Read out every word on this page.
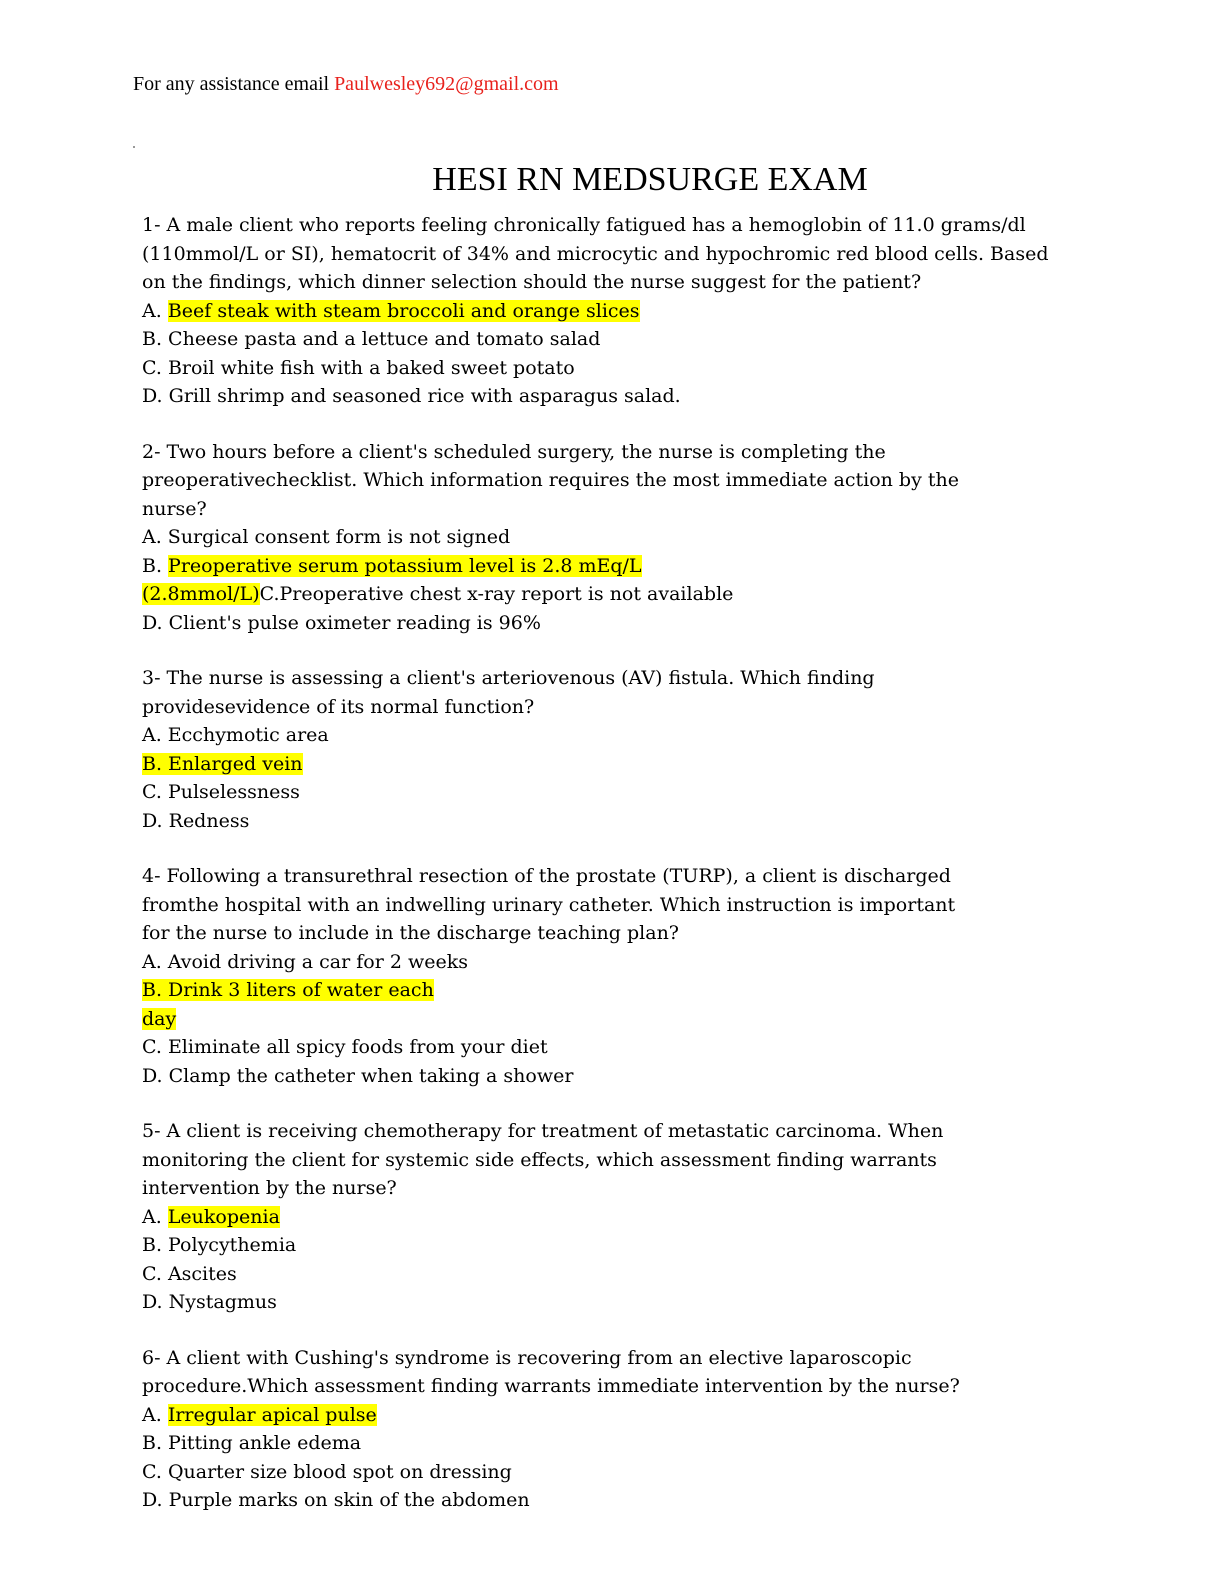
For any assistance email Paulwesley692@gmail.com
HESI RN MEDSURGE EXAM

1- A male client who reports feeling chronically fatigued has a hemoglobin of 11.0 grams/dl (110mmol/L or SI), hematocrit of 34% and microcytic and hypochromic red blood cells. Based on the findings, which dinner selection should the nurse suggest for the patient?

A. Beef steak with steam broccoli and orange slices

B. Cheese pasta and a lettuce and tomato salad

C. Broil white fish with a baked sweet potato

D. Grill shrimp and seasoned rice with asparagus salad.

2- Two hours before a client's scheduled surgery, the nurse is completing the

preoperativechecklist. Which information requires the most immediate action by the

nurse?

A. Surgical consent form is not signed

B. Preoperative serum potassium level is 2.8 mEq/L

(2.8mmol/L)C.Preoperative chest x-ray report is not available

D. Client's pulse oximeter reading is 96%

3- The nurse is assessing a client's arteriovenous (AV) fistula. Which finding

providesevidence of its normal function?

A. Ecchymotic area

B. Enlarged vein

C. Pulselessness

D. Redness

4- Following a transurethral resection of the prostate (TURP), a client is discharged

fromthe hospital with an indwelling urinary catheter. Which instruction is important

for the nurse to include in the discharge teaching plan?

A. Avoid driving a car for 2 weeks

B. Drink 3 liters of water each

day

C. Eliminate all spicy foods from your diet

D. Clamp the catheter when taking a shower

5- A client is receiving chemotherapy for treatment of metastatic carcinoma. When

monitoring the client for systemic side effects, which assessment finding warrants

intervention by the nurse?

A. Leukopenia

B. Polycythemia

C. Ascites

D. Nystagmus

6- A client with Cushing's syndrome is recovering from an elective laparoscopic

procedure.Which assessment finding warrants immediate intervention by the nurse?

A. Irregular apical pulse

B. Pitting ankle edema

C. Quarter size blood spot on dressing

D. Purple marks on skin of the abdomen
